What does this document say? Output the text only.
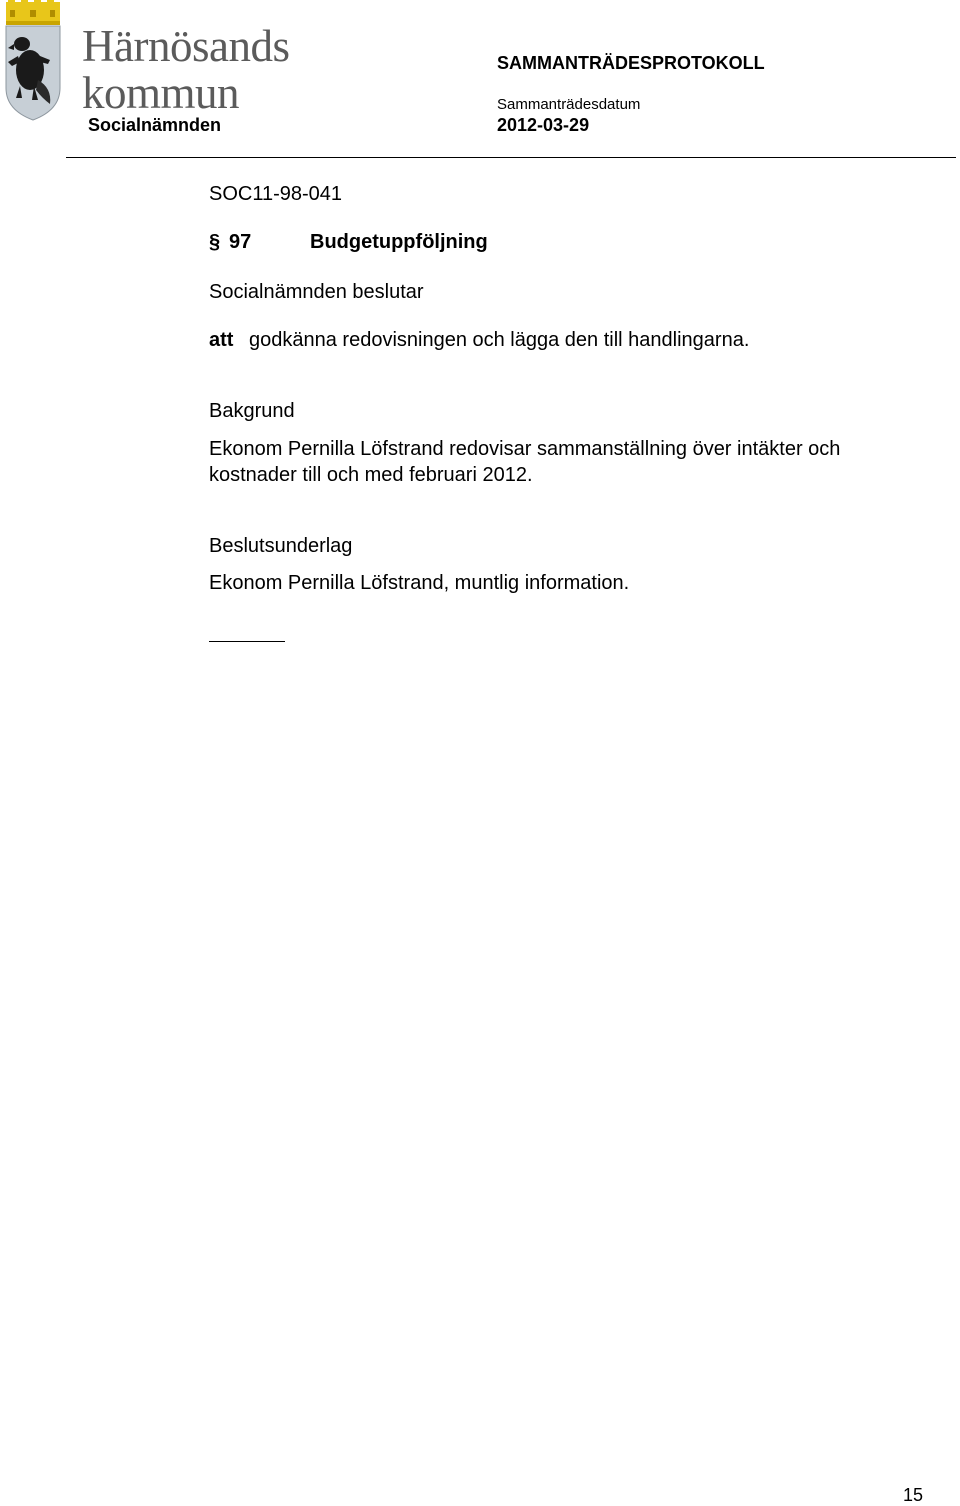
Härnösands
kommun
Socialnämnden
SAMMANTRÄDESPROTOKOLL
Sammanträdesdatum
2012-03-29
SOC11-98-041
§ 97	Budgetuppföljning
Socialnämnden beslutar
att godkänna redovisningen och lägga den till handlingarna.
Bakgrund
Ekonom Pernilla Löfstrand redovisar sammanställning över intäkter och
kostnader till och med februari 2012.
Beslutsunderlag
Ekonom Pernilla Löfstrand, muntlig information.
15
